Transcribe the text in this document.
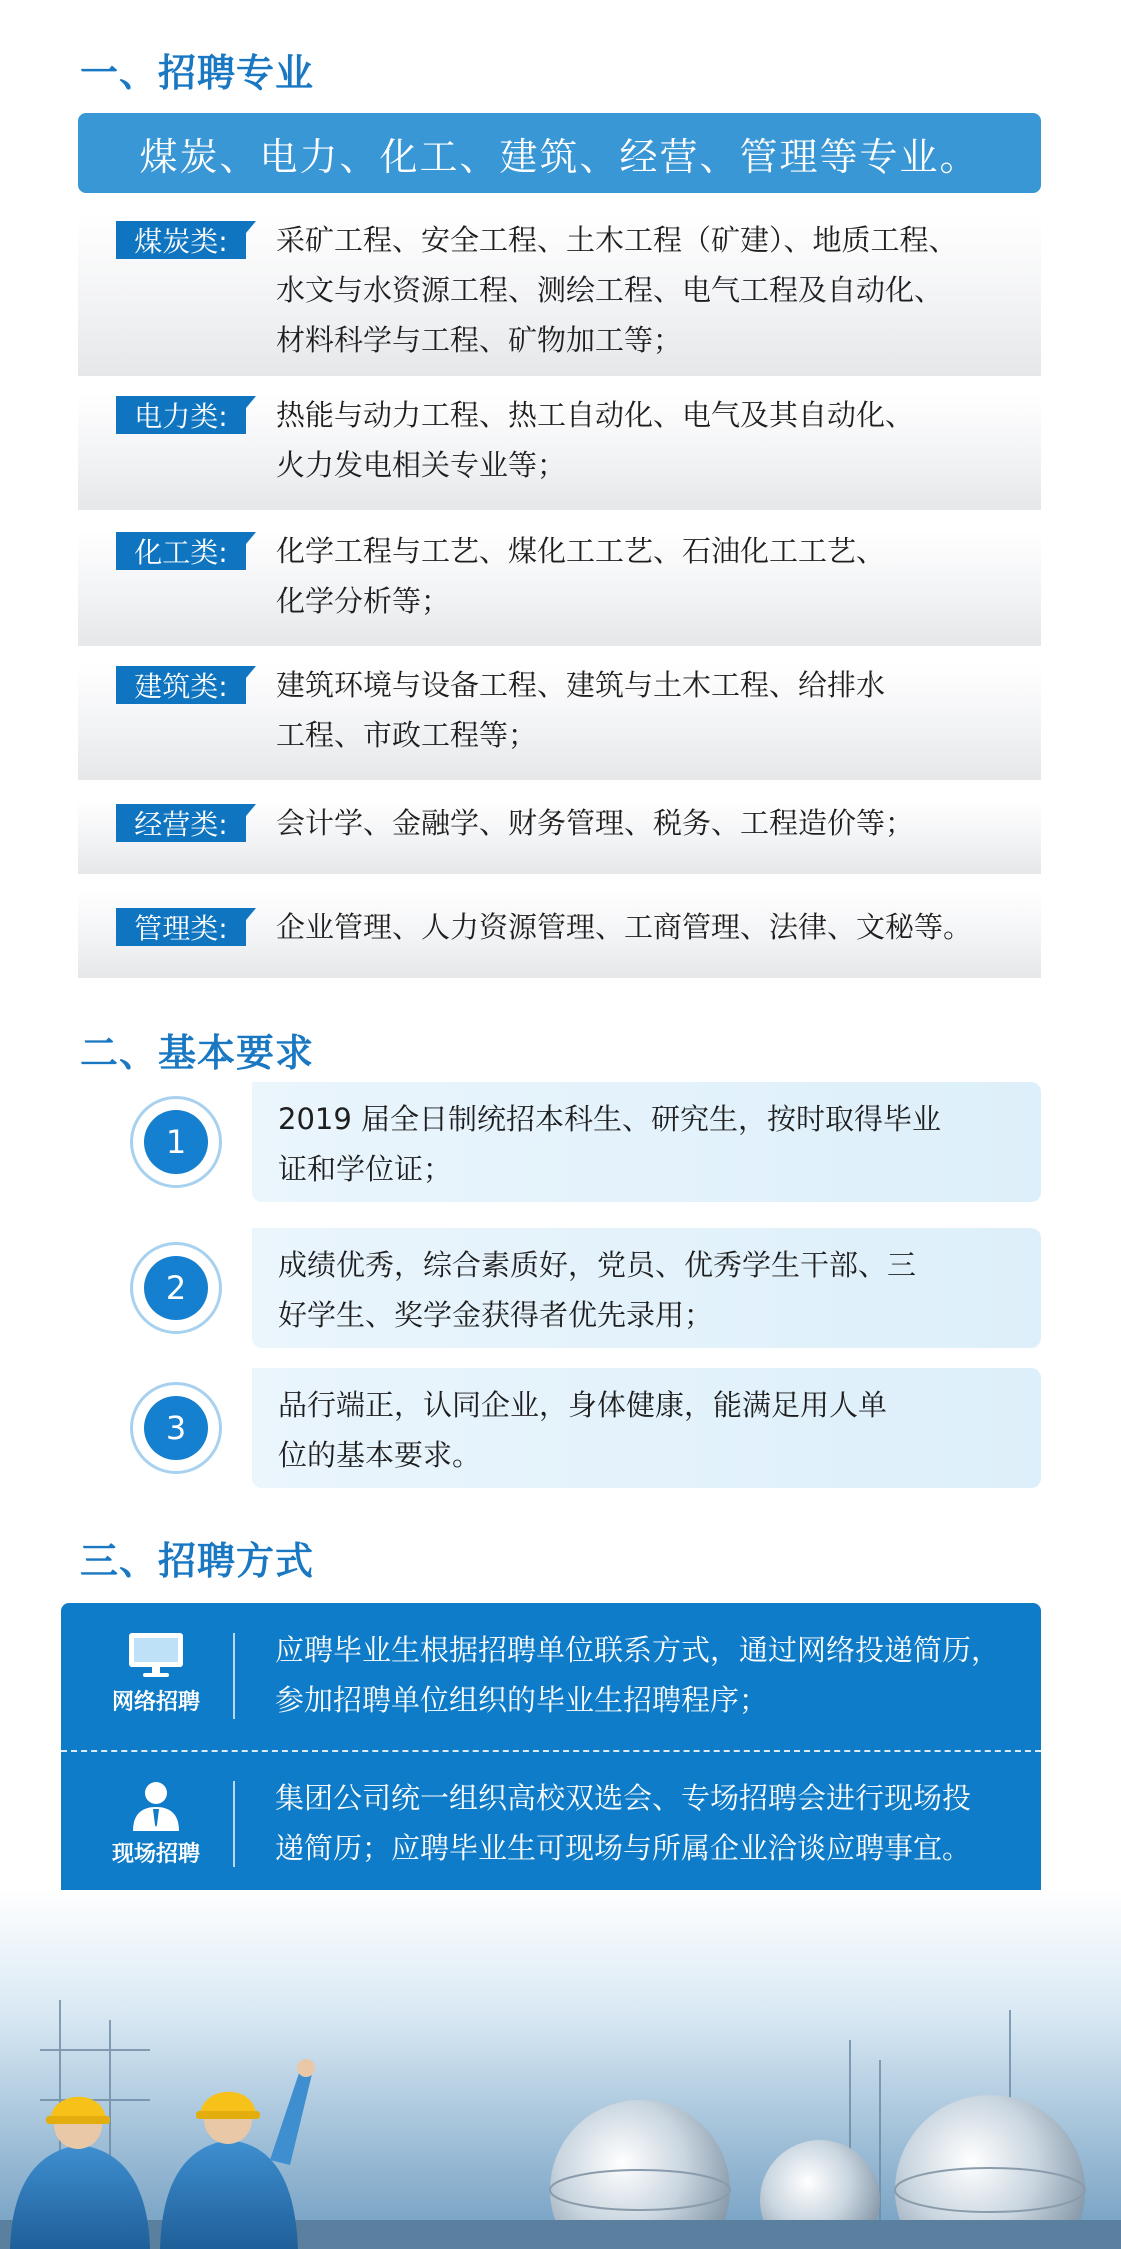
一、招聘专业
煤炭、电力、化工、建筑、经营、管理等专业。
煤炭类:	采矿工程、安全工程、土木工程（矿建）、地质工程、
水文与水资源工程、测绘工程、电气工程及自动化、
材料科学与工程、矿物加工等；
电力类:	热能与动力工程、热工自动化、电气及其自动化、
火力发电相关专业等；
化工类:	化学工程与工艺、煤化工工艺、石油化工工艺、
化学分析等；
建筑类:	建筑环境与设备工程、建筑与土木工程、给排水
工程、市政工程等；
经营类:	会计学、金融学、财务管理、税务、工程造价等；
管理类:	企业管理、人力资源管理、工商管理、法律、文秘等。
二、基本要求
1
2019 届全日制统招本科生、研究生，按时取得毕业
证和学位证；
2
成绩优秀，综合素质好，党员、优秀学生干部、三
好学生、奖学金获得者优先录用；
3
品行端正，认同企业，身体健康，能满足用人单
位的基本要求。
三、招聘方式
网络招聘
应聘毕业生根据招聘单位联系方式，通过网络投递简历，
参加招聘单位组织的毕业生招聘程序；
现场招聘
集团公司统一组织高校双选会、专场招聘会进行现场投
递简历；应聘毕业生可现场与所属企业洽谈应聘事宜。
